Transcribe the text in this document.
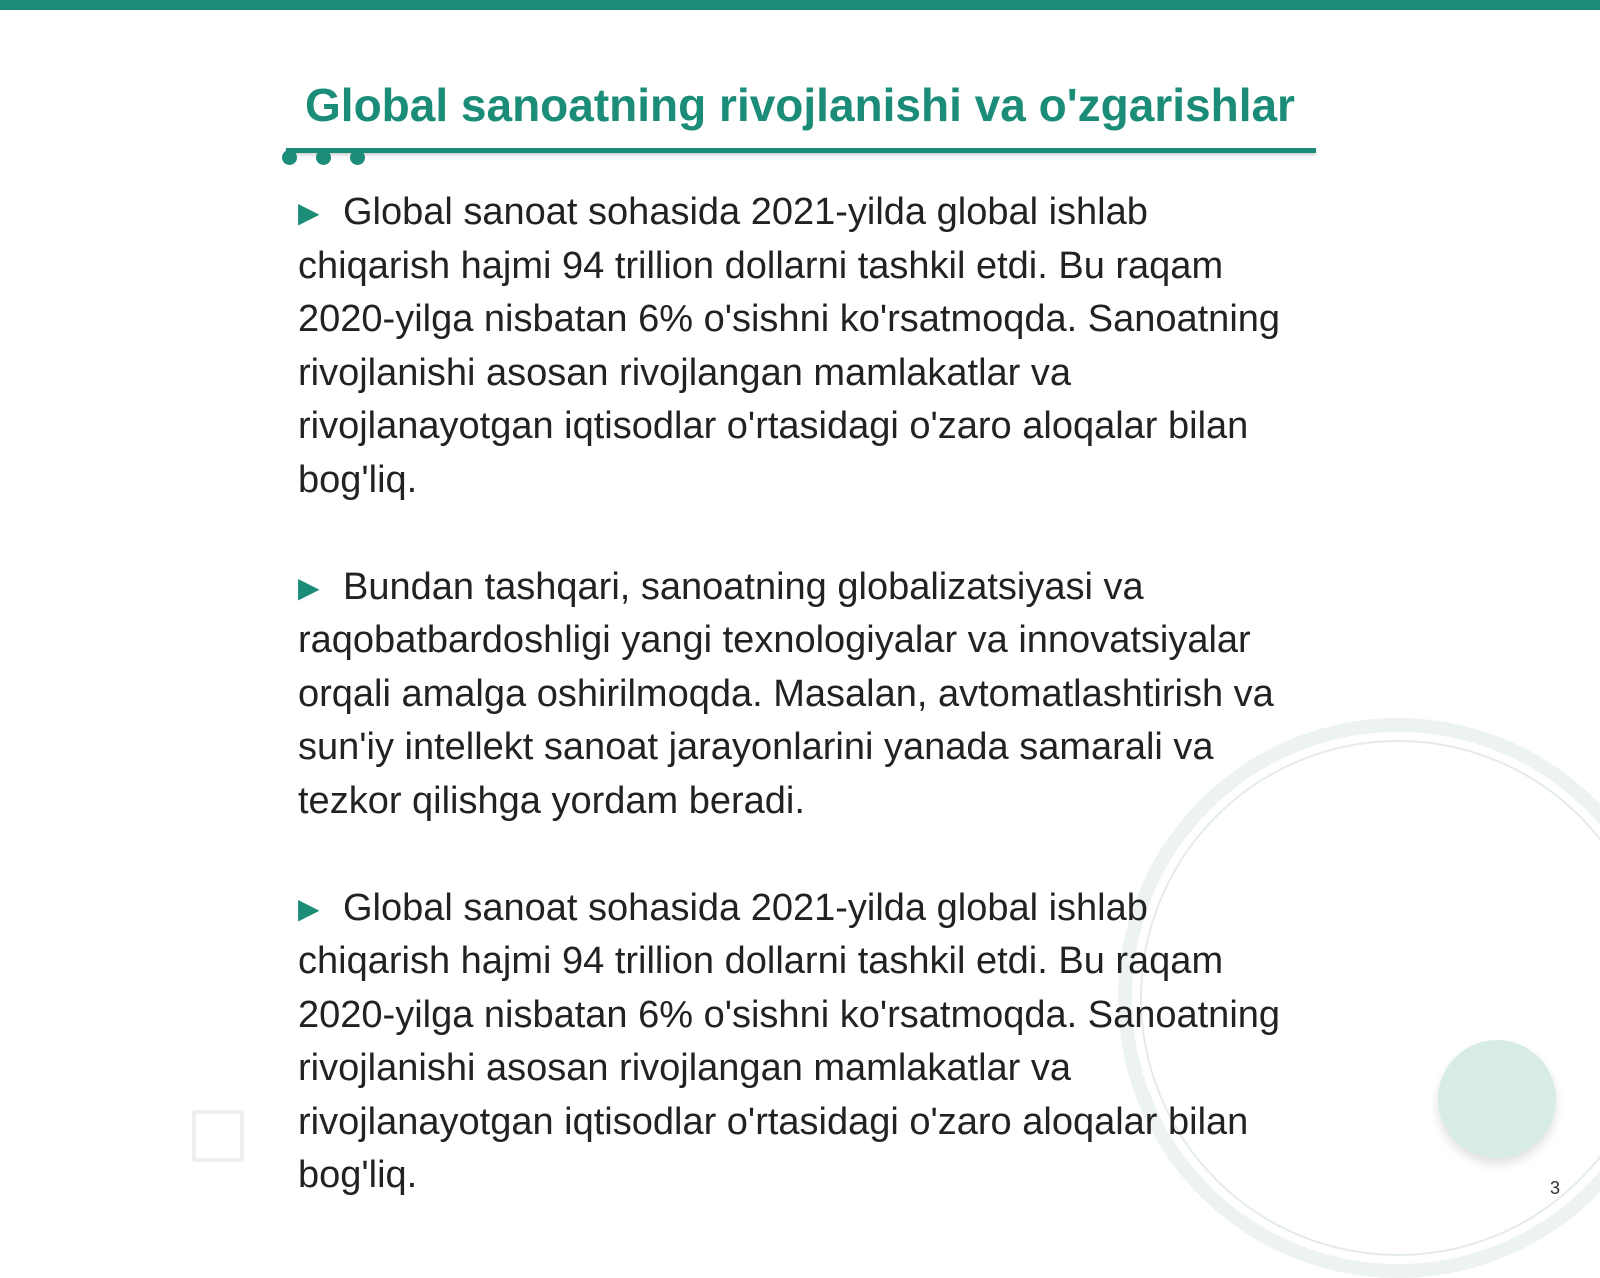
Global sanoatning rivojlanishi va o'zgarishlar

▶ Global sanoat sohasida 2021-yilda global ishlab chiqarish hajmi 94 trillion dollarni tashkil etdi. Bu raqam 2020-yilga nisbatan 6% o'sishni ko'rsatmoqda. Sanoatning rivojlanishi asosan rivojlangan mamlakatlar va rivojlanayotgan iqtisodlar o'rtasidagi o'zaro aloqalar bilan bog'liq.

▶ Bundan tashqari, sanoatning globalizatsiyasi va raqobatbardoshligi yangi texnologiyalar va innovatsiyalar orqali amalga oshirilmoqda. Masalan, avtomatlashtirish va sun'iy intellekt sanoat jarayonlarini yanada samarali va tezkor qilishga yordam beradi.

▶ Global sanoat sohasida 2021-yilda global ishlab chiqarish hajmi 94 trillion dollarni tashkil etdi. Bu raqam 2020-yilga nisbatan 6% o'sishni ko'rsatmoqda. Sanoatning rivojlanishi asosan rivojlangan mamlakatlar va rivojlanayotgan iqtisodlar o'rtasidagi o'zaro aloqalar bilan bog'liq.	3
